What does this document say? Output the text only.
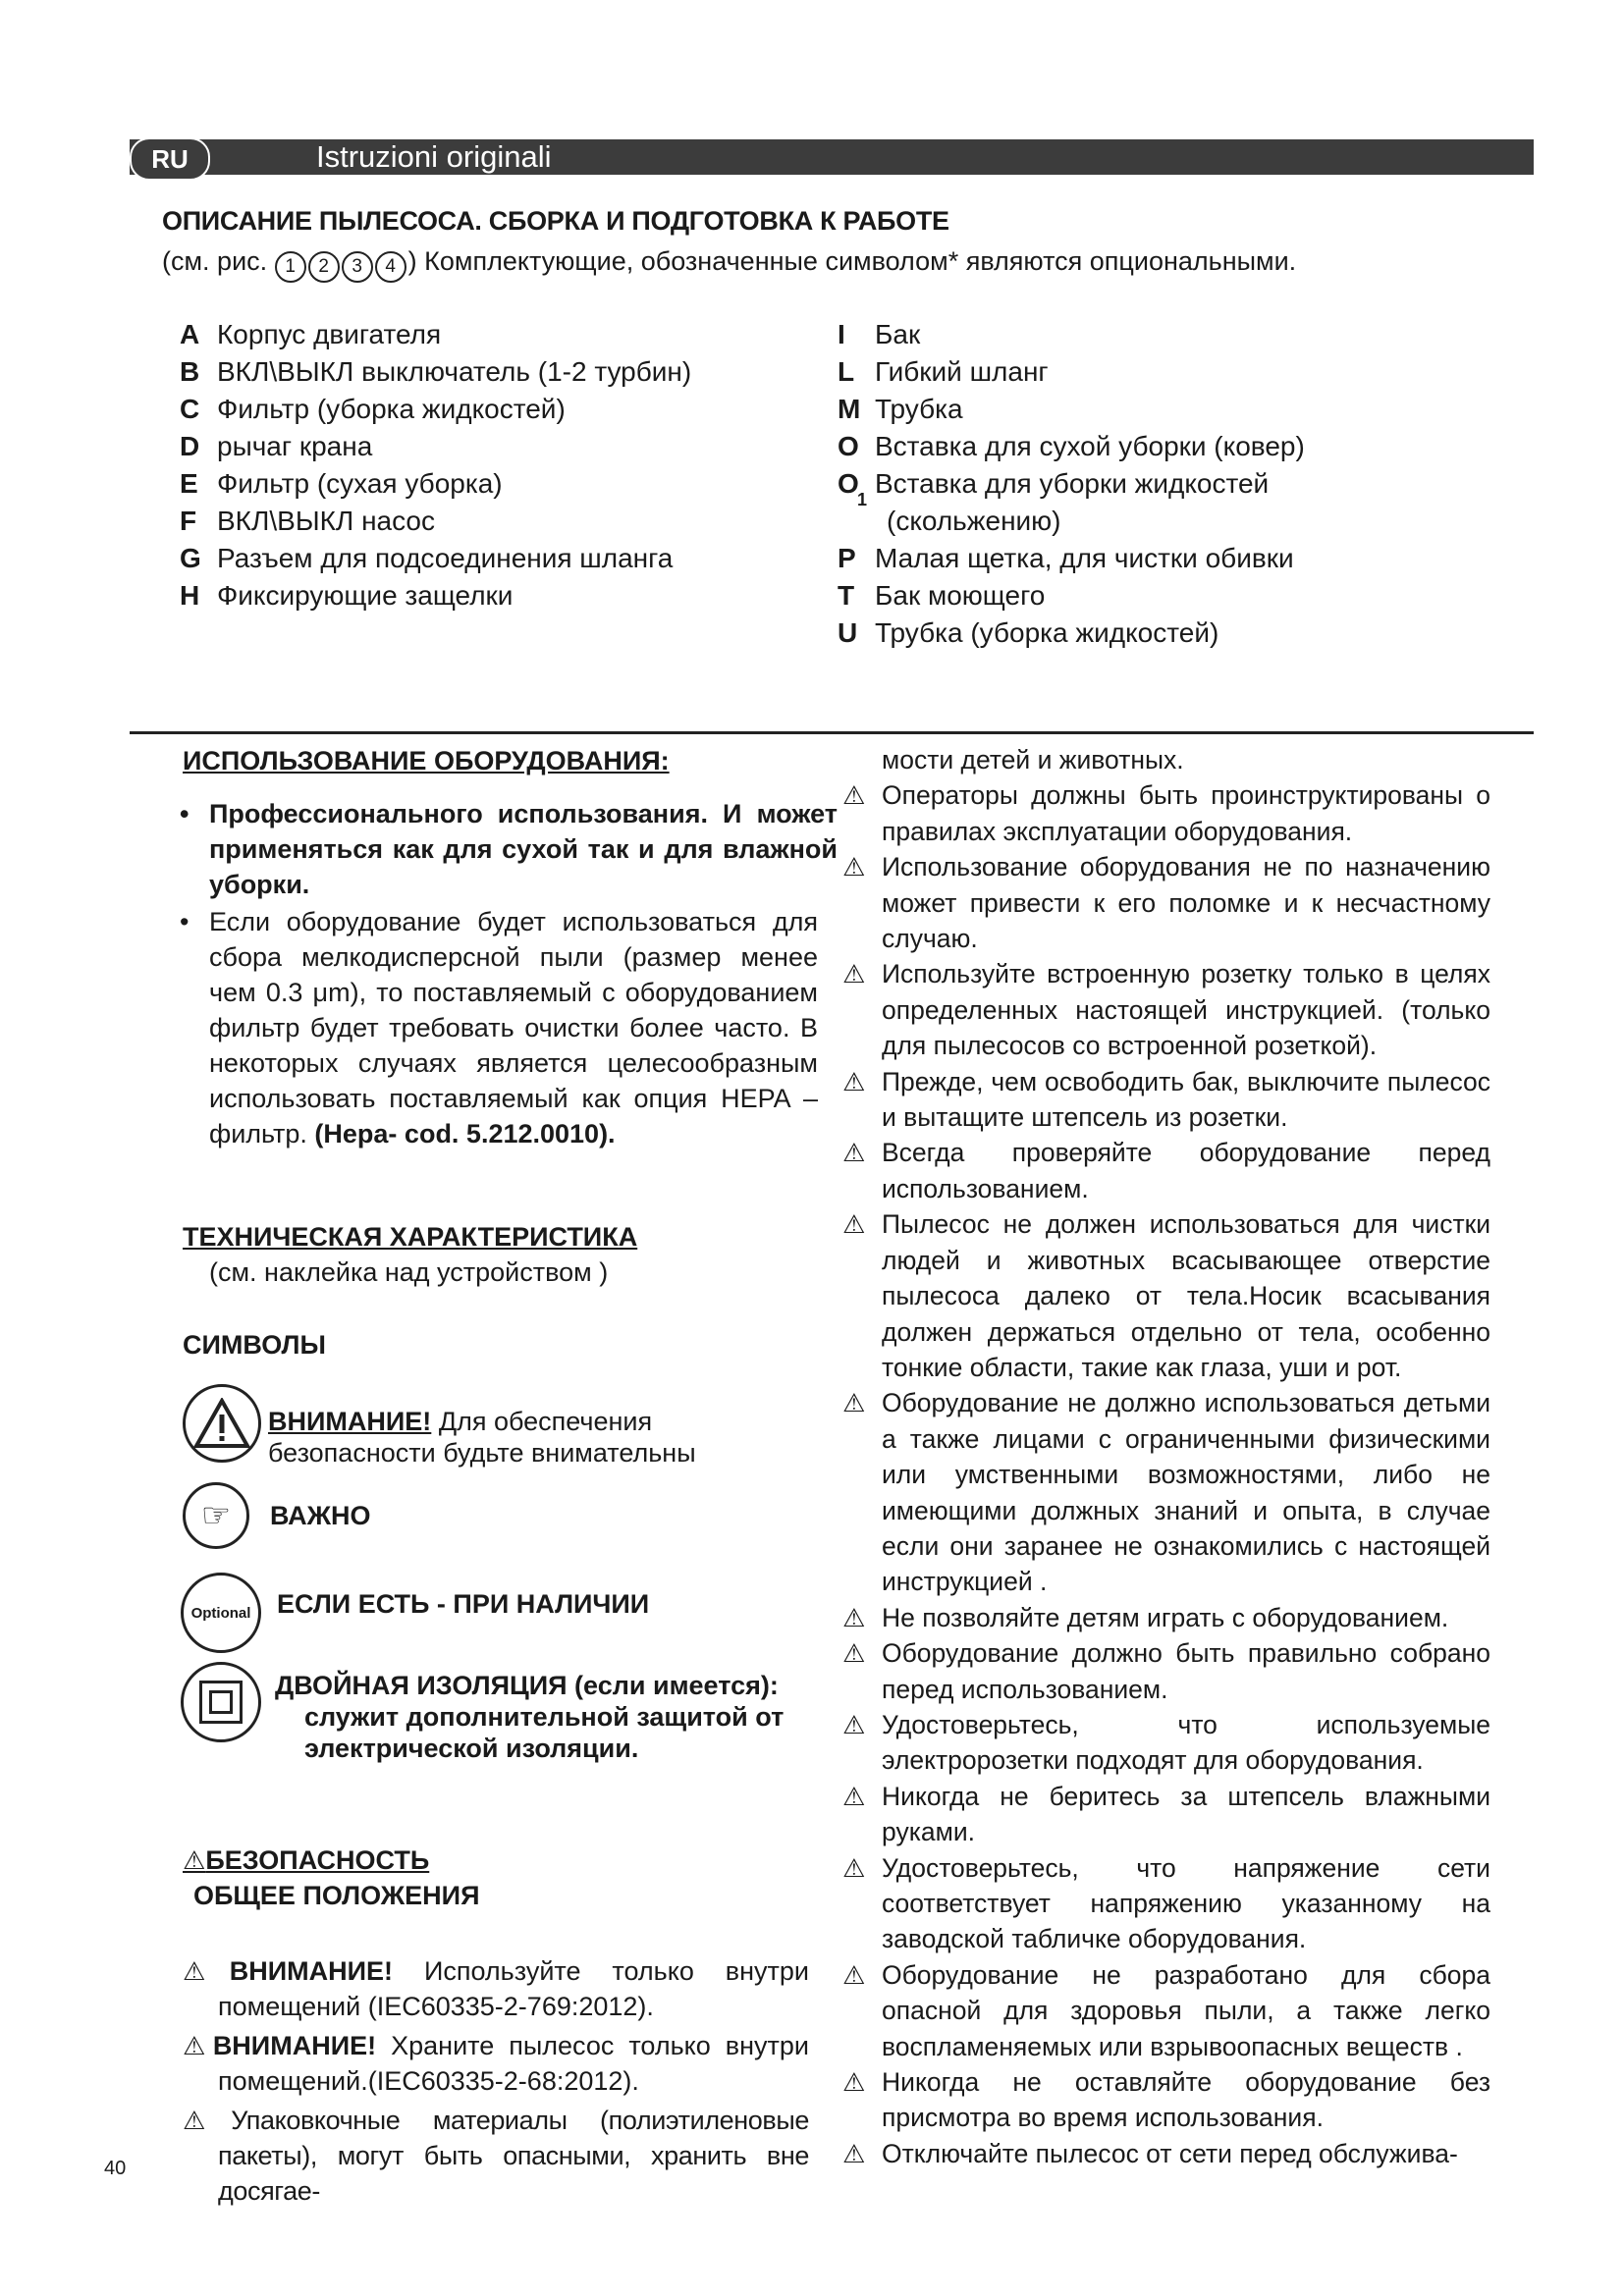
RU	Istruzioni originali
ОПИСАНИЕ ПЫЛЕСОСА. СБОРКА И ПОДГОТОВКА К РАБОТЕ
(см. рис. 1 2 3 4 ) Комплектующие, обозначенные символом* являются опциональными.
A Корпус двигателя
B ВКЛ\ВЫКЛ выключатель (1-2 турбин)
C Фильтр (уборка жидкостей)
D рычаг крана
E Фильтр (сухая уборка)
F ВКЛ\ВЫКЛ насос
G Разъем для подсоединения шланга
H Фиксирующие защелки
I Бак
L Гибкий шланг
M Трубка
O Вставка для сухой уборки (ковер)
O
1
Вставка для уборки жидкостей
(скольжению)
P Малая щетка, для чистки обивки
T Бак моющего
U Трубка (уборка жидкостей)
ИСПОЛЬЗОВАНИЕ ОБОРУДОВАНИЯ:
• Профессионального использования. И может применяться как для сухой так и для влажной уборки.
• Если оборудование будет использоваться для сбора мелкодисперсной пыли (размер менее чем 0.3 μm), то поставляемый с оборудованием фильтр будет требовать очистки более часто. В некоторых случаях является целесообразным использовать поставляемый как опция HEPA – фильтр. (Hepa- cod. 5.212.0010).
ТЕХНИЧЕСКАЯ ХАРАКТЕРИСТИКА
(см. наклейка над устройством )
СИМВОЛЫ
ВНИМАНИЕ! Для обеспечения
безопасности будьте внимательны
☞ ВАЖНО
Optional ЕСЛИ ЕСТЬ - ПРИ НАЛИЧИИ
ДВОЙНАЯ ИЗОЛЯЦИЯ (если имеется):
служит дополнительной защитой от
электрической изоляции.
⚠БЕЗОПАСНОСТЬ
ОБЩЕЕ ПОЛОЖЕНИЯ
⚠ВНИМАНИЕ! Используйте только внутри помещений (IEC60335-2-769:2012).
⚠ВНИМАНИЕ! Храните пылесос только внутри помещений.(IEC60335-2-68:2012).
⚠Упаковкочные материалы (полиэтиленовые пакеты), могут быть опасными, хранить вне досягае-

мости детей и животных.

⚠ Операторы должны быть проинструктированы о правилах эксплуатации оборудования.

⚠ Использование оборудования не по назначению может привести к его поломке и к несчастному случаю.

⚠ Используйте встроенную розетку только в целях определенных настоящей инструкцией. (только для пылесосов со встроенной розеткой).

⚠ Прежде, чем освободить бак, выключите пылесос и вытащите штепсель из розетки.

⚠ Всегда проверяйте оборудование перед использованием.

⚠ Пылесос не должен использоваться для чистки людей и животных всасывающее отверстие пылесоса далеко от тела.Носик всасывания должен держаться отдельно от тела, особенно тонкие области, такие как глаза, уши и рот.

⚠ Оборудование не должно использоваться детьми а также лицами с ограниченными физическими или умственными возможностями, либо не имеющими должных знаний и опыта, в случае если они заранее не ознакомились с настоящей инструкцией .

⚠ Не позволяйте детям играть с оборудованием.

⚠ Оборудование должно быть правильно собрано перед использованием.

⚠ Удостоверьтесь, что используемые электророзетки подходят для оборудования.

⚠ Никогда не беритесь за штепсель влажными руками.

⚠ Удостоверьтесь, что напряжение сети соответствует напряжению указанному на заводской табличке оборудования.

⚠ Оборудование не разработано для сбора опасной для здоровья пыли, а также легко воспламеняемых или взрывоопасных веществ .

⚠ Никогда не оставляйте оборудование без присмотра во время использования.

⚠ Отключайте пылесос от сети перед обслужива-

40
